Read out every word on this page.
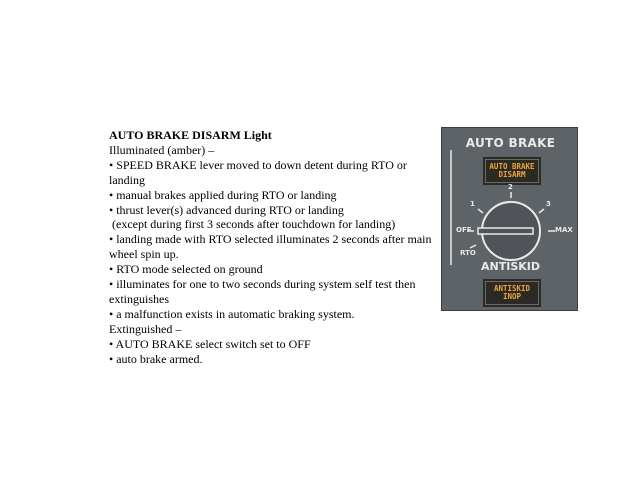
AUTO BRAKE DISARM Light
Illuminated (amber) –
• SPEED BRAKE lever moved to down detent during RTO or landing
• manual brakes applied during RTO or landing
• thrust lever(s) advanced during RTO or landing
(except during first 3 seconds after touchdown for landing)
• landing made with RTO selected illuminates 2 seconds after main wheel spin up.
• RTO mode selected on ground
• illuminates for one to two seconds during system self test then extinguishes
• a malfunction exists in automatic braking system.
Extinguished –
• AUTO BRAKE select switch set to OFF
• auto brake armed.
AUTO BRAKE
AUTO BRAKE
DISARM
2
1	3
OFF	MAX
RTO
ANTISKID
ANTISKID
INOP
